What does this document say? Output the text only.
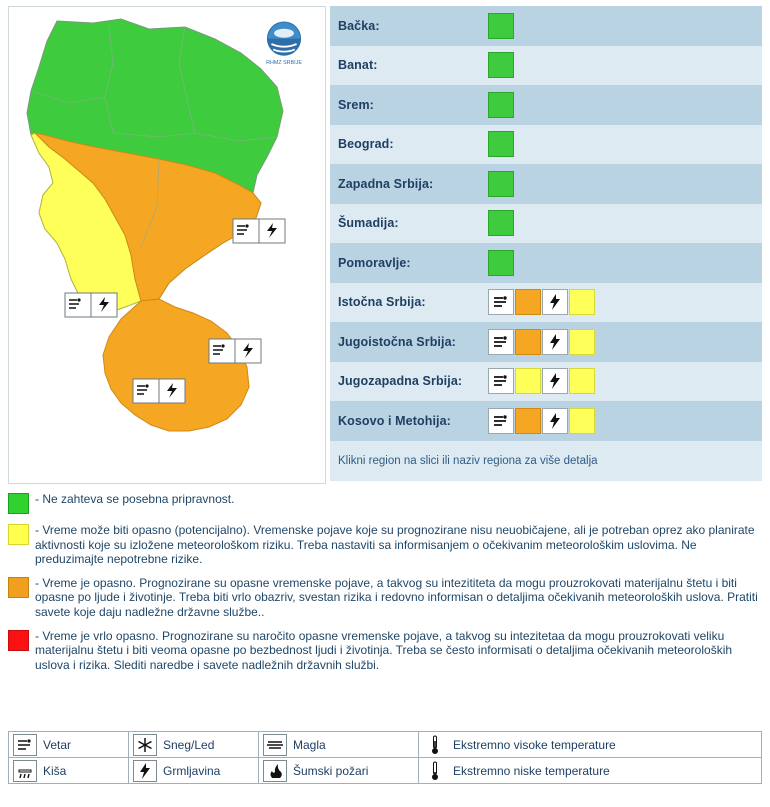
RHMZ SRBIJE
Bačka:
Banat:
Srem:
Beograd:
Zapadna Srbija:
Šumadija:
Pomoravlje:
Istočna Srbija:
Jugoistočna Srbija:
Jugozapadna Srbija:
Kosovo i Metohija:
Klikni region na slici ili naziv regiona za više detalja
- Ne zahteva se posebna pripravnost.
- Vreme može biti opasno (potencijalno). Vremenske pojave koje su prognozirane nisu neuobičajene, ali je potreban oprez ako planirate aktivnosti koje su izložene meteorološkom riziku. Treba nastaviti sa informisanjem o očekivanim meteorološkim uslovima. Ne preduzimajte nepotrebne rizike.
- Vreme je opasno. Prognozirane su opasne vremenske pojave, a takvog su intezititeta da mogu prouzrokovati materijalnu štetu i biti opasne po ljude i životinje. Treba biti vrlo obazriv, svestan rizika i redovno informisan o detaljima očekivanih meteoroloških uslova. Pratiti savete koje daju nadležne državne službe..
- Vreme je vrlo opasno. Prognozirane su naročito opasne vremenske pojave, a takvog su intezitetaa da mogu prouzrokovati veliku materijalnu štetu i biti veoma opasne po bezbednost ljudi i životinja. Treba se često informisati o detaljima očekivanih meteoroloških uslova i rizika. Slediti naredbe i savete nadležnih državnih službi.
Vetar	Sneg/Led	Magla	Ekstremno visoke temperature

Kiša	Grmljavina	Šumski požari	Ekstremno niske temperature
